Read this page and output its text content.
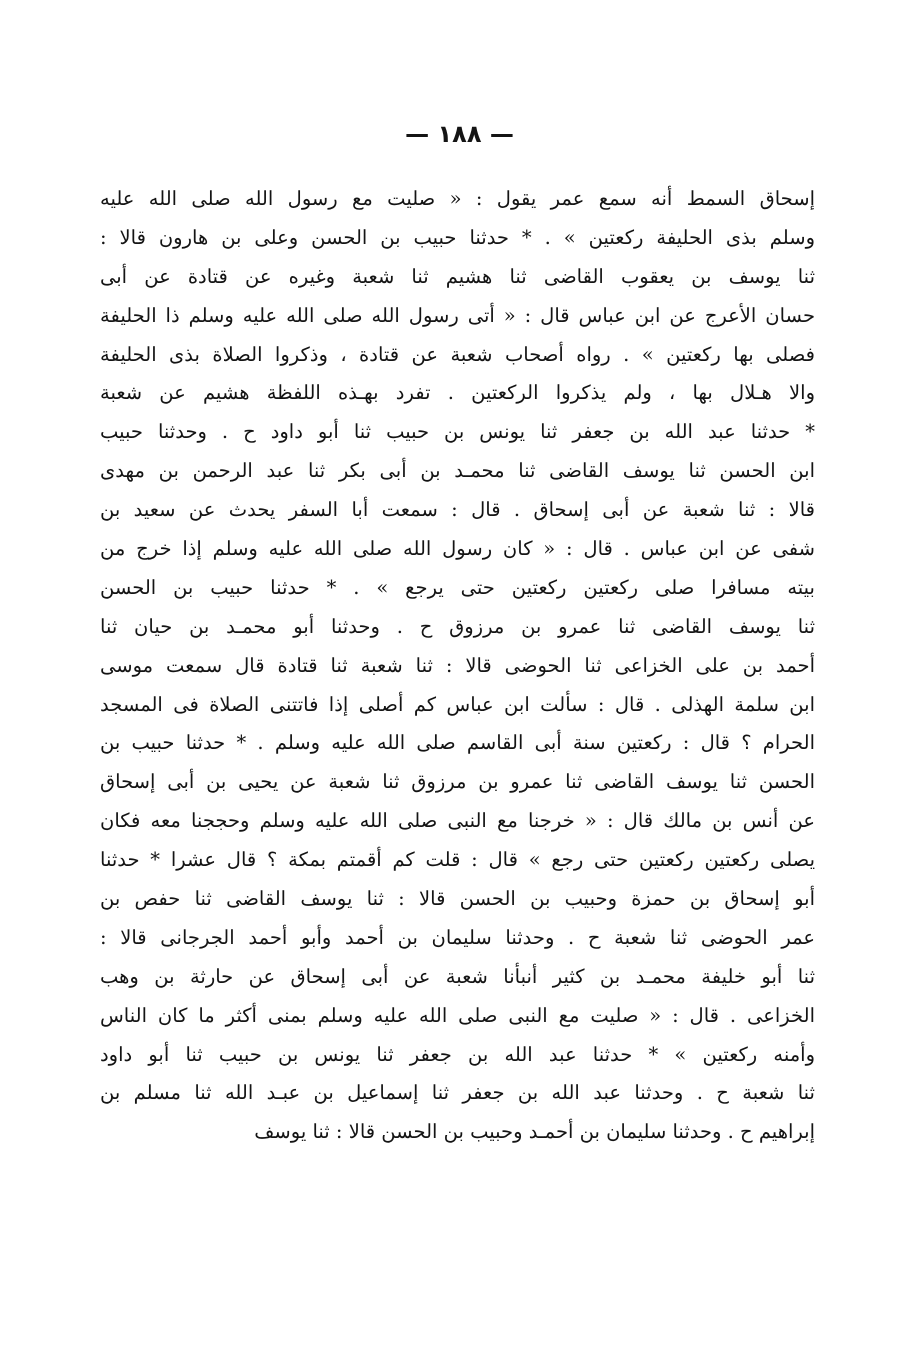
— ١٨٨ —
إسحاق السمط أنه سمع عمر يقول : « صليت مع رسول الله صلى الله عليه
وسلم بذى الحليفة ركعتين » . * حدثنا حبيب بن الحسن وعلى بن هارون قالا :
ثنا يوسف بن يعقوب القاضى ثنا هشيم ثنا شعبة وغيره عن قتادة عن أبى
حسان الأعرج عن ابن عباس قال : « أتى رسول الله صلى الله عليه وسلم ذا الحليفة
فصلى بها ركعتين » . رواه أصحاب شعبة عن قتادة ، وذكروا الصلاة بذى الحليفة
والا هـلال بها ، ولم يذكروا الركعتين . تفرد بهـذه اللفظة هشيم عن شعبة
* حدثنا عبد الله بن جعفر ثنا يونس بن حبيب ثنا أبو داود ح . وحدثنا حبيب
ابن الحسن ثنا يوسف القاضى ثنا محمـد بن أبى بكر ثنا عبد الرحمن بن مهدى
قالا : ثنا شعبة عن أبى إسحاق . قال : سمعت أبا السفر يحدث عن سعيد بن
شفى عن ابن عباس . قال : « كان رسول الله صلى الله عليه وسلم إذا خرج من
بيته مسافرا صلى ركعتين ركعتين حتى يرجع » . * حدثنا حبيب بن الحسن
ثنا يوسف القاضى ثنا عمرو بن مرزوق ح . وحدثنا أبو محمـد بن حيان ثنا
أحمد بن على الخزاعى ثنا الحوضى قالا : ثنا شعبة ثنا قتادة قال سمعت موسى
ابن سلمة الهذلى . قال : سألت ابن عباس كم أصلى إذا فاتتنى الصلاة فى المسجد
الحرام ؟ قال : ركعتين سنة أبى القاسم صلى الله عليه وسلم . * حدثنا حبيب بن
الحسن ثنا يوسف القاضى ثنا عمرو بن مرزوق ثنا شعبة عن يحيى بن أبى إسحاق
عن أنس بن مالك قال : « خرجنا مع النبى صلى الله عليه وسلم وحججنا معه فكان
يصلى ركعتين ركعتين حتى رجع » قال : قلت كم أقمتم بمكة ؟ قال عشرا * حدثنا
أبو إسحاق بن حمزة وحبيب بن الحسن قالا : ثنا يوسف القاضى ثنا حفص بن
عمر الحوضى ثنا شعبة ح . وحدثنا سليمان بن أحمد وأبو أحمد الجرجانى قالا :
ثنا أبو خليفة محمـد بن كثير أنبأنا شعبة عن أبى إسحاق عن حارثة بن وهب
الخزاعى . قال : « صليت مع النبى صلى الله عليه وسلم بمنى أكثر ما كان الناس
وأمنه ركعتين » * حدثنا عبد الله بن جعفر ثنا يونس بن حبيب ثنا أبو داود
ثنا شعبة ح . وحدثنا عبد الله بن جعفر ثنا إسماعيل بن عبـد الله ثنا مسلم بن
إبراهيم ح . وحدثنا سليمان بن أحمـد وحبيب بن الحسن قالا : ثنا يوسف
